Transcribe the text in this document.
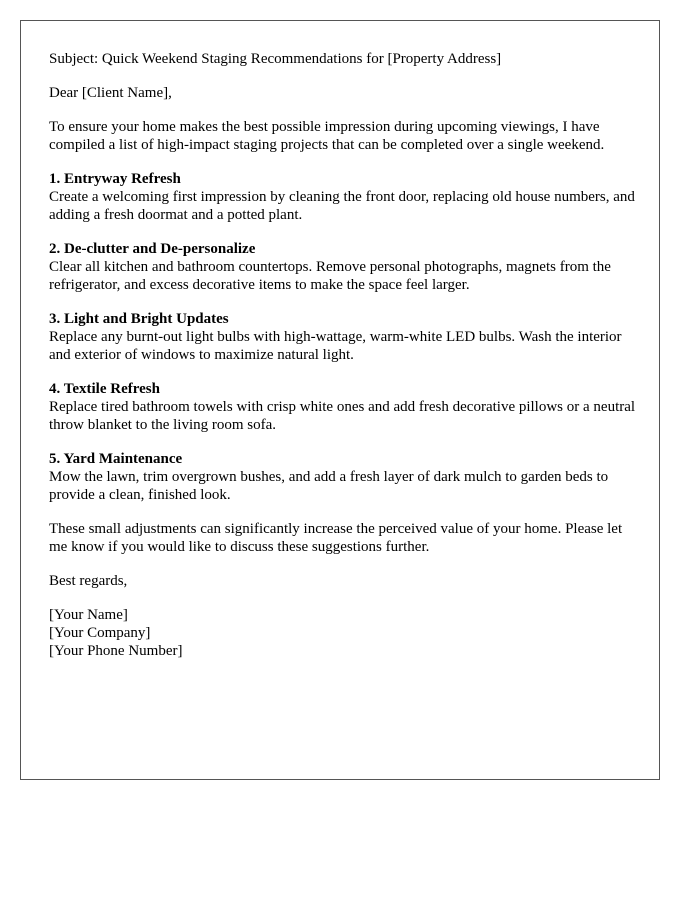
Subject: Quick Weekend Staging Recommendations for [Property Address]

Dear [Client Name],

To ensure your home makes the best possible impression during upcoming viewings, I have compiled a list of high-impact staging projects that can be completed over a single weekend.

1. Entryway Refresh
Create a welcoming first impression by cleaning the front door, replacing old house numbers, and adding a fresh doormat and a potted plant.
2. De-clutter and De-personalize
Clear all kitchen and bathroom countertops. Remove personal photographs, magnets from the refrigerator, and excess decorative items to make the space feel larger.
3. Light and Bright Updates
Replace any burnt-out light bulbs with high-wattage, warm-white LED bulbs. Wash the interior and exterior of windows to maximize natural light.
4. Textile Refresh
Replace tired bathroom towels with crisp white ones and add fresh decorative pillows or a neutral throw blanket to the living room sofa.
5. Yard Maintenance
Mow the lawn, trim overgrown bushes, and add a fresh layer of dark mulch to garden beds to provide a clean, finished look.

These small adjustments can significantly increase the perceived value of your home. Please let me know if you would like to discuss these suggestions further.

Best regards,

[Your Name]
[Your Company]
[Your Phone Number]
